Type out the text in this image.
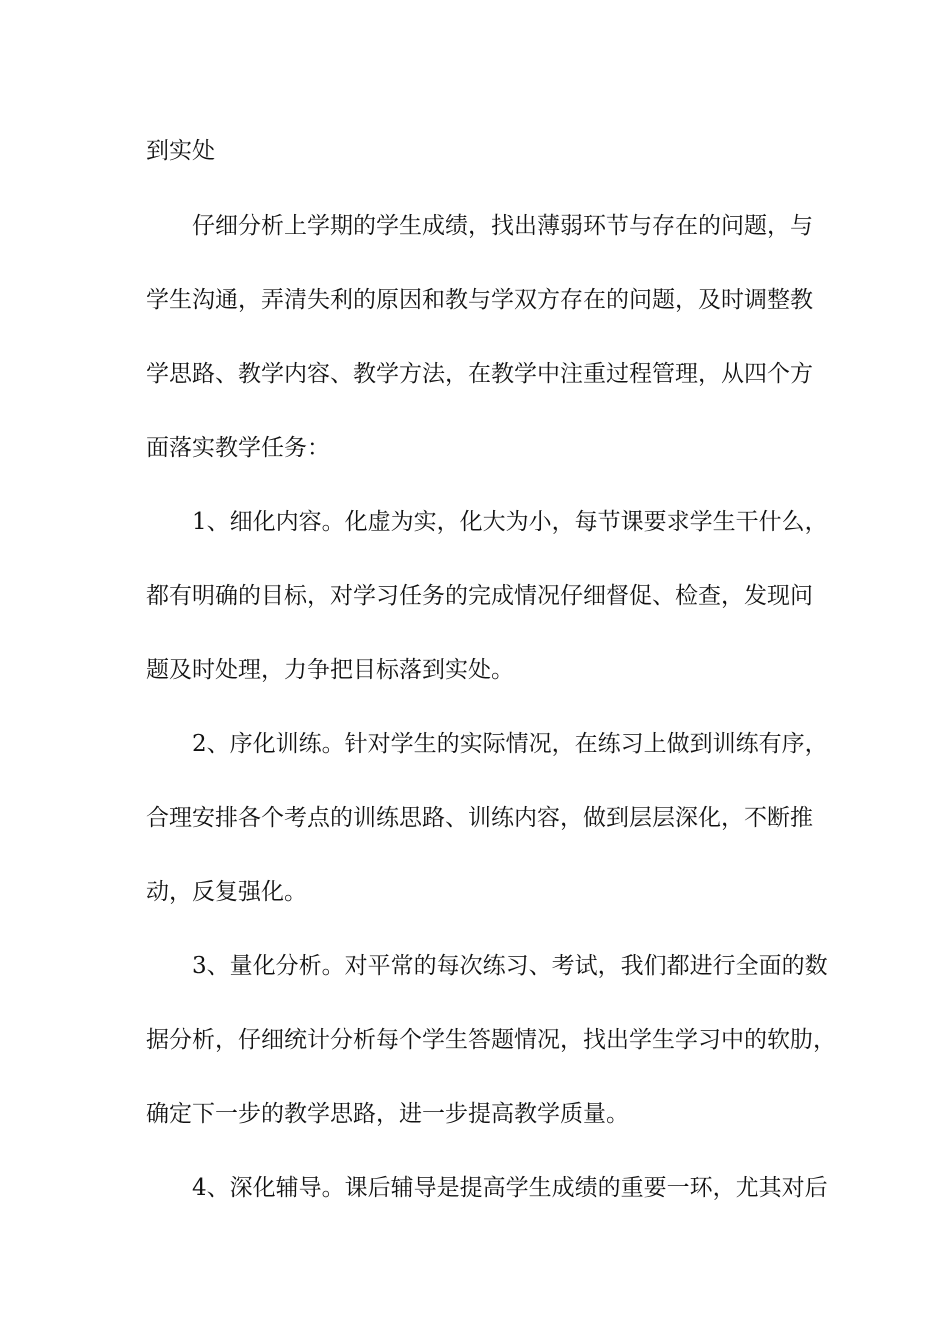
到实处
仔细分析上学期的学生成绩，找出薄弱环节与存在的问题，与
学生沟通，弄清失利的原因和教与学双方存在的问题，及时调整教
学思路、教学内容、教学方法，在教学中注重过程管理，从四个方
面落实教学任务：
1、细化内容。化虚为实，化大为小，每节课要求学生干什么，
都有明确的目标，对学习任务的完成情况仔细督促、检查，发现问
题及时处理，力争把目标落到实处。
2、序化训练。针对学生的实际情况，在练习上做到训练有序，
合理安排各个考点的训练思路、训练内容，做到层层深化，不断推
动，反复强化。
3、量化分析。对平常的每次练习、考试，我们都进行全面的数
据分析，仔细统计分析每个学生答题情况，找出学生学习中的软肋，
确定下一步的教学思路，进一步提高教学质量。
4、深化辅导。课后辅导是提高学生成绩的重要一环，尤其对后
